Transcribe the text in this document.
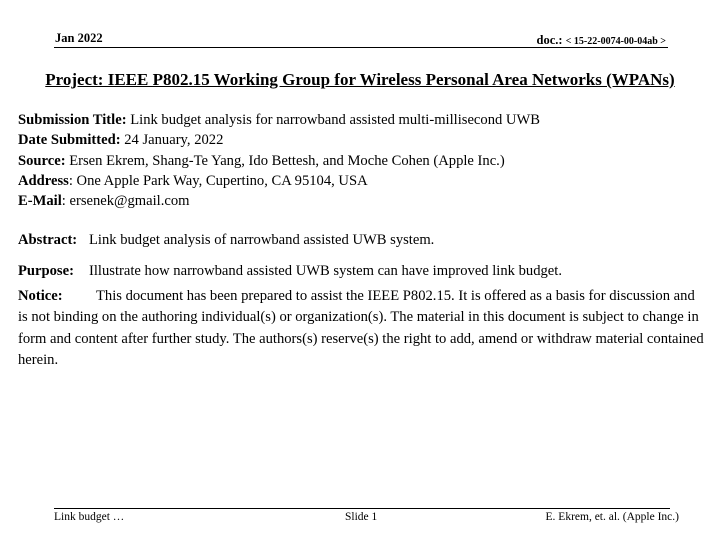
Jan 2022	doc.: < 15-22-0074-00-04ab >
Project: IEEE P802.15 Working Group for Wireless Personal Area Networks (WPANs)
Submission Title: Link budget analysis for narrowband assisted multi-millisecond UWB
Date Submitted: 24 January, 2022
Source: Ersen Ekrem, Shang-Te Yang, Ido Bettesh, and Moche Cohen (Apple Inc.)
Address: One Apple Park Way, Cupertino, CA 95104, USA
E-Mail: ersenek@gmail.com
Abstract: Link budget analysis of narrowband assisted UWB system.
Purpose: Illustrate how narrowband assisted UWB system can have improved link budget.
Notice: This document has been prepared to assist the IEEE P802.15. It is offered as a basis for discussion and is not binding on the authoring individual(s) or organization(s). The material in this document is subject to change in form and content after further study. The authors(s) reserve(s) the right to add, amend or withdraw material contained herein.
Link budget …	Slide 1	E. Ekrem, et. al. (Apple Inc.)
